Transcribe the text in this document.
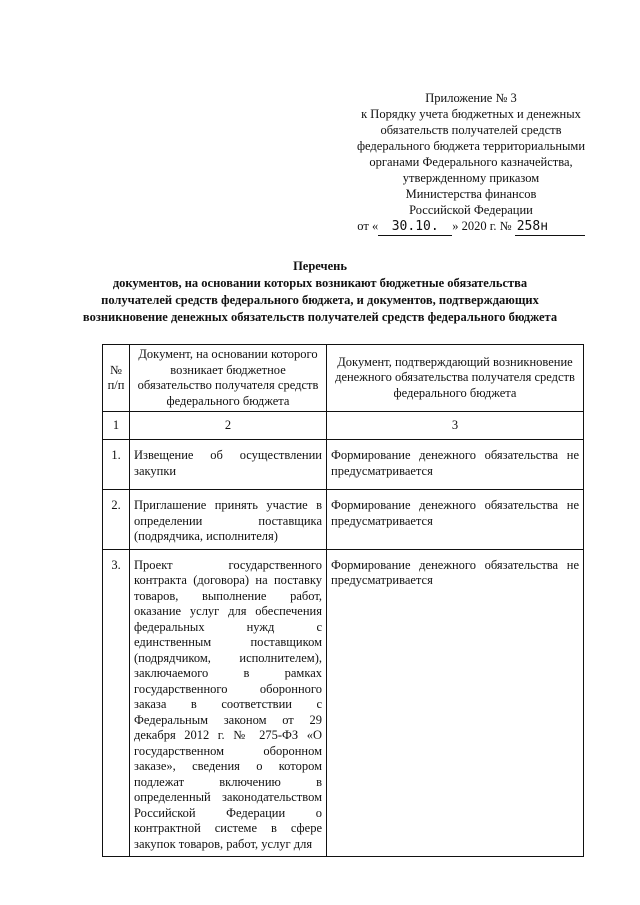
Приложение № 3
к Порядку учета бюджетных и денежных
обязательств получателей средств
федерального бюджета территориальными
органами Федерального казначейства,
утвержденному приказом
Министерства финансов
Российской Федерации
от « 30.10. » 2020 г. № 258н
Перечень
документов, на основании которых возникают бюджетные обязательства
получателей средств федерального бюджета, и документов, подтверждающих
возникновение денежных обязательств получателей средств федерального бюджета
№ п/п	Документ, на основании которого возникает бюджетное обязательство получателя средств федерального бюджета	Документ, подтверждающий возникновение денежного обязательства получателя средств федерального бюджета
1	2	3
1.	Извещение об осуществлении закупки	Формирование денежного обязательства не предусматривается

2.	Приглашение принять участие в определении поставщика (подрядчика, исполнителя)	Формирование денежного обязательства не предусматривается

3.	Проект государственного контракта (договора) на поставку товаров, выполнение работ, оказание услуг для обеспечения федеральных нужд с единственным поставщиком (подрядчиком, исполнителем), заключаемого в рамках государственного оборонного заказа в соответствии с Федеральным законом от 29 декабря 2012 г. № 275-ФЗ «О государственном оборонном заказе», сведения о котором подлежат включению в определенный законодательством Российской Федерации о контрактной системе в сфере закупок товаров, работ, услуг для	Формирование денежного обязательства не предусматривается
